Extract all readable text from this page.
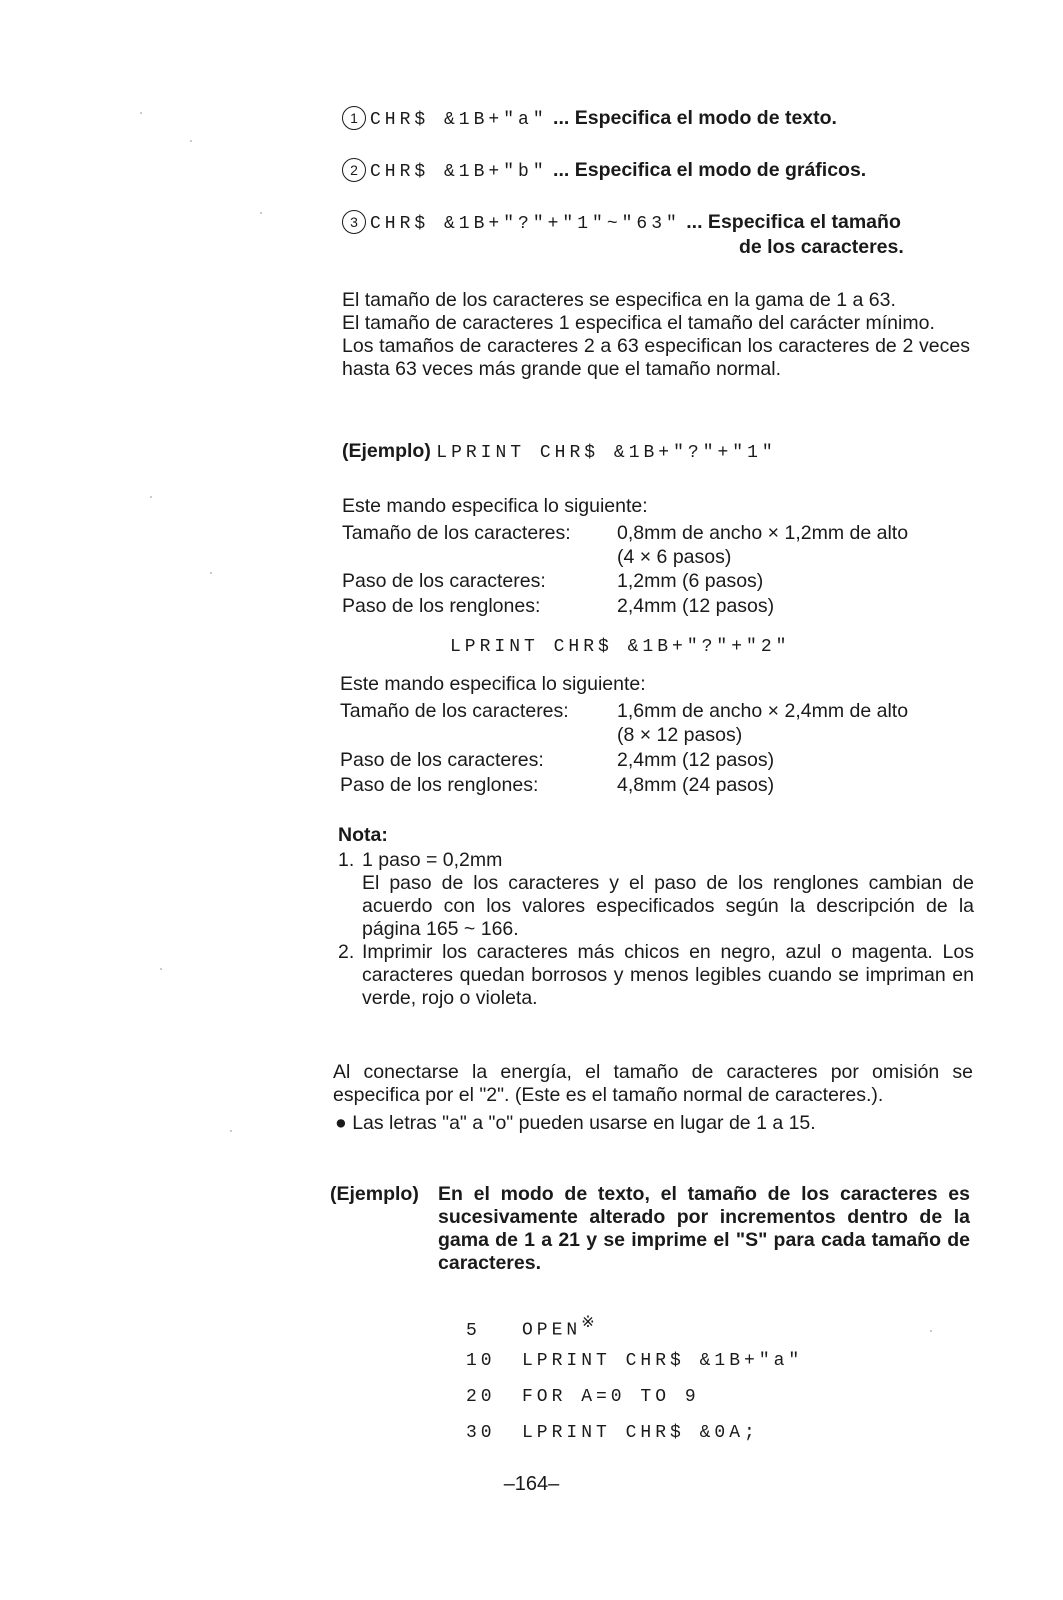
1 CHR$ &1B+"a" ... Especifica el modo de texto.
2 CHR$ &1B+"b" ... Especifica el modo de gráficos.
3 CHR$ &1B+"?"+"1"~"63" ... Especifica el tamaño
de los caracteres.
El tamaño de los caracteres se especifica en la gama de 1 a 63.
El tamaño de caracteres 1 especifica el tamaño del carácter mínimo.
Los tamaños de caracteres 2 a 63 especifican los caracteres de 2 veces hasta 63 veces más grande que el tamaño normal.
(Ejemplo) LPRINT CHR$ &1B+"?"+"1"
Este mando especifica lo siguiente:
Tamaño de los caracteres: 0,8mm de ancho × 1,2mm de alto
(4 × 6 pasos)
Paso de los caracteres:	1,2mm (6 pasos)
Paso de los renglones:	2,4mm (12 pasos)
LPRINT CHR$ &1B+"?"+"2"
Este mando especifica lo siguiente:
Tamaño de los caracteres: 1,6mm de ancho × 2,4mm de alto
(8 × 12 pasos)
Paso de los caracteres:	2,4mm (12 pasos)
Paso de los renglones:	4,8mm (24 pasos)
Nota:
1. 1 paso = 0,2mm
El paso de los caracteres y el paso de los renglones cambian de acuerdo con los valores especificados según la descripción de la página 165 ~ 166.
2. Imprimir los caracteres más chicos en negro, azul o magenta. Los caracteres quedan borrosos y menos legibles cuando se impriman en verde, rojo o violeta.
Al conectarse la energía, el tamaño de caracteres por omisión se especifica por el "2". (Este es el tamaño normal de caracteres.).
● Las letras "a" a "o" pueden usarse en lugar de 1 a 15.
(Ejemplo) En el modo de texto, el tamaño de los caracteres es sucesivamente alterado por incrementos dentro de la gama de 1 a 21 y se imprime el "S" para cada tamaño de caracteres.
5 OPEN※
10 LPRINT CHR$ &1B+"a"
20 FOR A=0 TO 9
30 LPRINT CHR$ &0A;
–164–
